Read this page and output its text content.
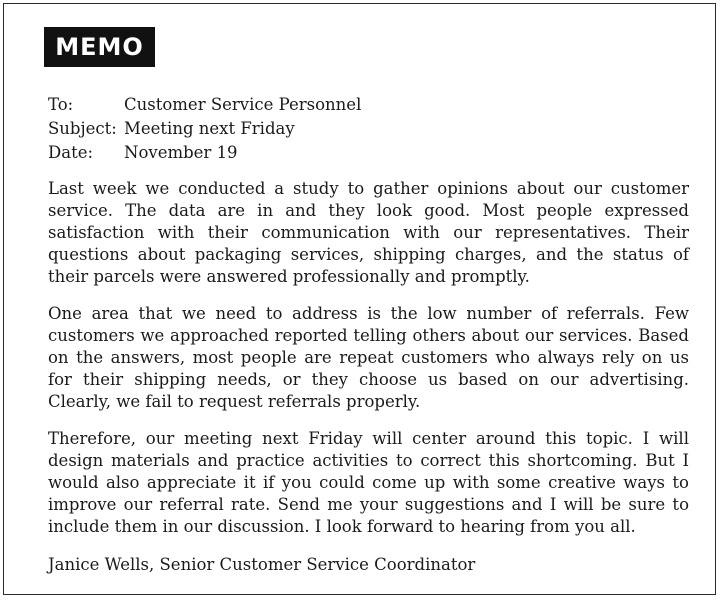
MEMO
To:	Customer Service Personnel
Subject: Meeting next Friday
Date:	November 19

Last week we conducted a study to gather opinions about our customer service. The data are in and they look good. Most people expressed satisfaction with their communication with our representatives. Their questions about packaging services, shipping charges, and the status of their parcels were answered professionally and promptly.

One area that we need to address is the low number of referrals. Few customers we approached reported telling others about our services. Based on the answers, most people are repeat customers who always rely on us for their shipping needs, or they choose us based on our advertising. Clearly, we fail to request referrals properly.

Therefore, our meeting next Friday will center around this topic. I will design materials and practice activities to correct this shortcoming. But I would also appreciate it if you could come up with some creative ways to improve our referral rate. Send me your suggestions and I will be sure to include them in our discussion. I look forward to hearing from you all.

Janice Wells, Senior Customer Service Coordinator
